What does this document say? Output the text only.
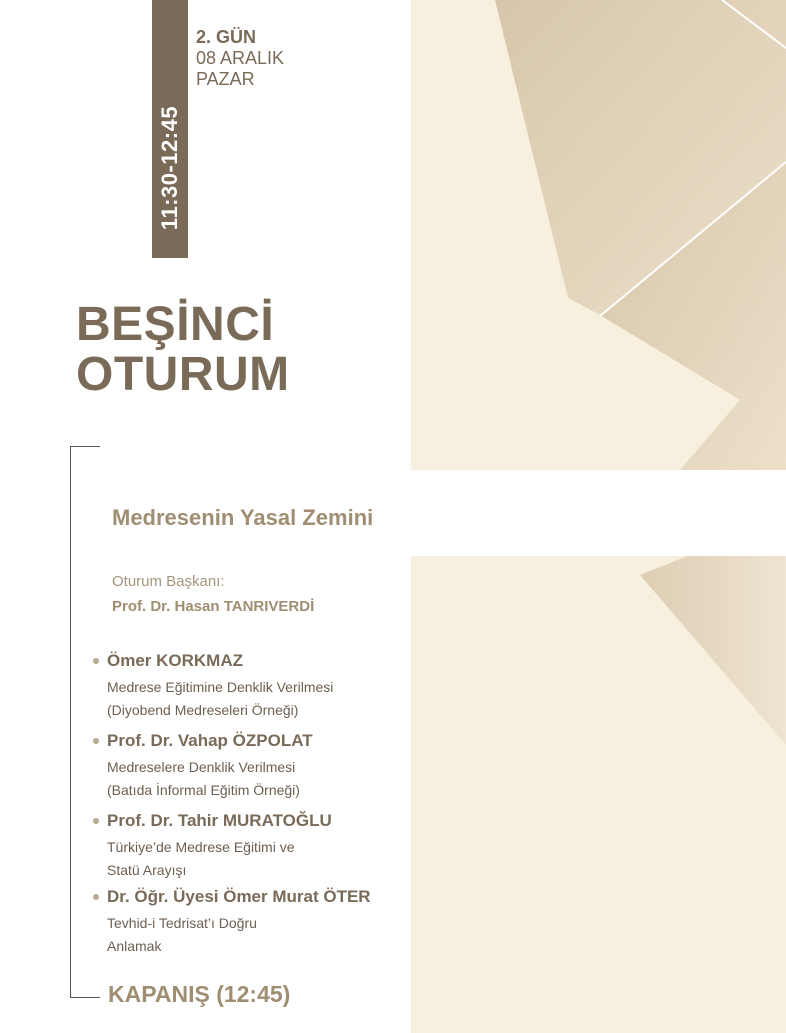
11:30-12:45
2. GÜN
08 ARALIK
PAZAR
BEŞİNCİ
OTURUM
Medresenin Yasal Zemini
Oturum Başkanı:
Prof. Dr. Hasan TANRIVERDİ
Ömer KORKMAZ
Medrese Eğitimine Denklik Verilmesi
(Diyobend Medreseleri Örneği)
Prof. Dr. Vahap ÖZPOLAT
Medreselere Denklik Verilmesi
(Batıda İnformal Eğitim Örneği)
Prof. Dr. Tahir MURATOĞLU
Türkiye’de Medrese Eğitimi ve
Statü Arayışı
Dr. Öğr. Üyesi Ömer Murat ÖTER
Tevhid-i Tedrisat’ı Doğru
Anlamak
KAPANIŞ (12:45)
